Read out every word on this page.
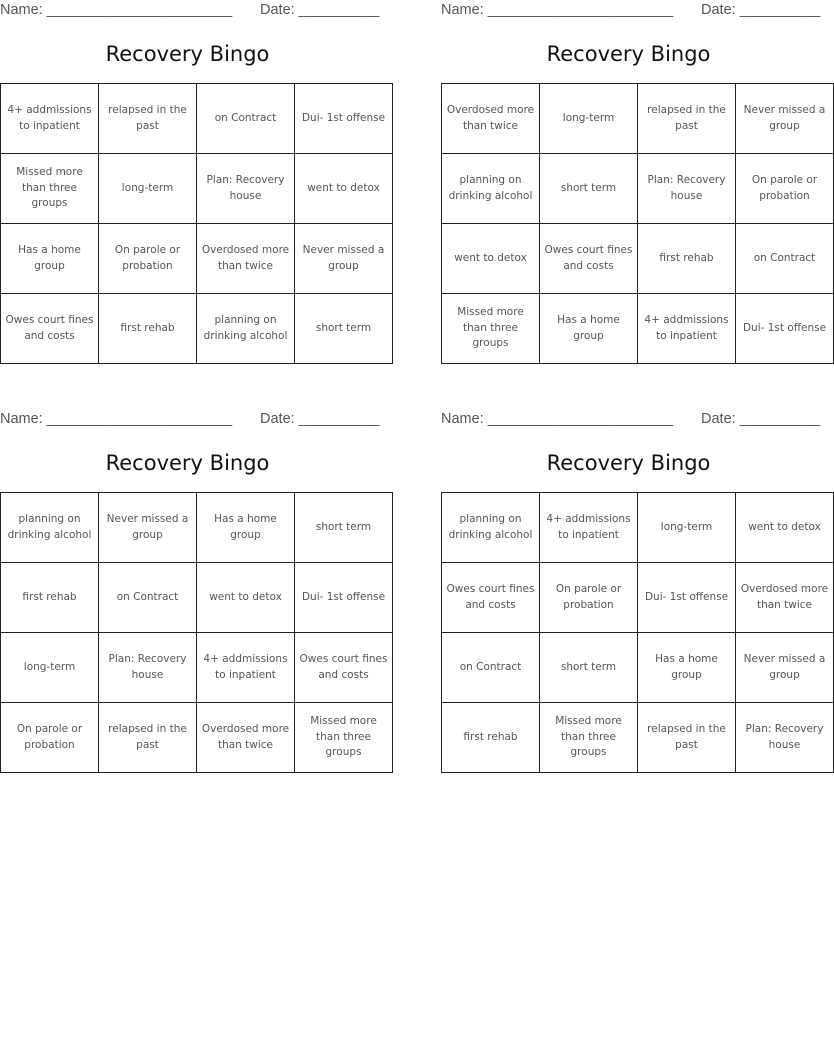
Name: _______________________ Date: __________
Recovery Bingo
4+ addmissions to inpatient	relapsed in the past	on Contract	Dui- 1st offense
Missed more than three groups	long-term	Plan: Recovery house	went to detox
Has a home group	On parole or probation	Overdosed more than twice	Never missed a group
Owes court fines and costs	first rehab	planning on drinking alcohol	short term
Name: _______________________ Date: __________
Recovery Bingo
Overdosed more than twice	long-term	relapsed in the past	Never missed a group
planning on drinking alcohol	short term	Plan: Recovery house	On parole or probation
went to detox	Owes court fines and costs	first rehab	on Contract
Missed more than three groups	Has a home group	4+ addmissions to inpatient	Dui- 1st offense
Name: _______________________ Date: __________
Recovery Bingo
planning on drinking alcohol	Never missed a group	Has a home group	short term
first rehab	on Contract	went to detox	Dui- 1st offense
long-term	Plan: Recovery house	4+ addmissions to inpatient	Owes court fines and costs
On parole or probation	relapsed in the past	Overdosed more than twice	Missed more than three groups
Name: _______________________ Date: __________
Recovery Bingo
planning on drinking alcohol	4+ addmissions to inpatient	long-term	went to detox
Owes court fines and costs	On parole or probation	Dui- 1st offense	Overdosed more than twice
on Contract	short term	Has a home group	Never missed a group
first rehab	Missed more than three groups	relapsed in the past	Plan: Recovery house
